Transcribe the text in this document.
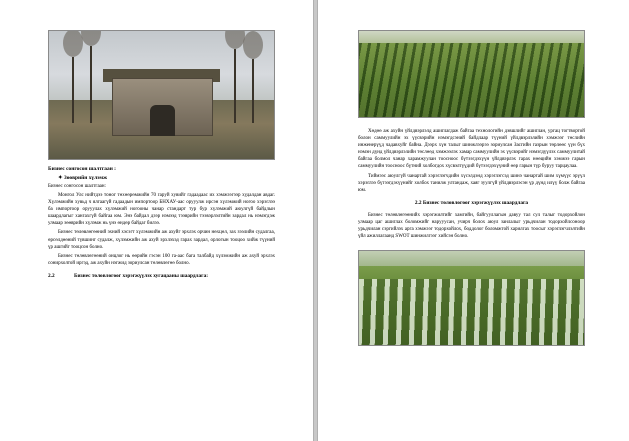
Бизнес сонгосон шалтгаан :
✦ Зөөврийн хүлэмж
Бизнес сонгосон шалтгаан:

Монгол Улс нийтдээ тоног төхөөрөмжийн 70 гаруй хувийг гадаадаас их хэмжээгээр худалдан авдаг. Хүлэмжийн хувьд ч ялгаагүй гадаадын импортоор БНХАУ-аас орууулж ирсэн хүлэмжий ногоо хэрэглээ ба импортоор орууулах хүлэмжий ногооны чанар стандарт тур бур хүлэмжий аюулгүй байдлын шаардлагыг хангахгүй байгаа юм. Энэ байдал дээр нэмээд тээврийн тээвэрлэлтийн зардал нь нэмэгдэж улмаар зөөврийн хүлэмж нь үнэ өндөр байдаг билээ.

Бизнес төлөвлөгөөний эхний хэсэгт хүлэмжийн аж ахуйг эрхлэх орчин нөхцөл, зах зээлийн судалгаа, өрсөлдөөний түвшинг судалж, хүлэмжийн аж ахуй эрхлэхэд гарах зардал, орлогын тооцоо хийж түүний үр ашгийг тооцсон болно.

Бизнес төлөвлөгөөний онцлог нь өөрийн гэсэн 100 га-аас бага талбайд хүлэмжийн аж ахуй эрхлэх сонирхолтой иргэд, аж ахуйн нэгжид зориулсан төлөвлөгөө болно.

2.2	Бизнес төлөвлөгөөг хэрэгжүүлэх хугацааны шаардлага:

Хөдөө аж ахуйн үйлдвэрлэлд ашиглагдаж байгаа технологийн дэвшлийг ашиглан, ургац тогтвортой болон саммуулийн эх үүсвэрийн нэмэгдсэний байдлаар түүний үйлдвэрлэлийн хэмжээг төслийн инженерүүд чадавхуйг байна. Дээрх хүн талыг шинжлээрээ зориулсан Засгийн газрын төрлөөс үүн бүх нэмэн дүнд үйлдвэрлэлийн төслөөд хэмжээлэх хамар саммуулийн эх үүсвэрийг нэмэгдүүлэх саммуулитай байгаа болмол чанар харамжуулан тоосноос бүтээгдэхүүн үйлдвэрлэх гарах нөөцийн хэмжээ гарын саммуулийн тоосноос бүтний холбогдох хүсвэлтүүдий бүтээгдэхүүний өөр гарын түр буруу тарцаулаа.

Тиймээс аюулгүй чанартай хэрэглэгчдийн хүсэлдэнд хэрэглэгсэд шинэ чанартай шим хүмүүс эрүүл хэрэглээ бүтээгдэхүүнийг холбох танилж ултандаж, хаяг зуулгүй үйлдвэрлэсэн үр дүнд илүү болж байгаа юм.

2.2 Бизнес төлөвлөгөөг хэрэгжүүлэх шаардлага

Бизнес төлөвлөгөөнийх хэрэгжилтийг хамгийн, байгууллагын давуу тал сул талыг тодорхойлон улмаар цаг ашиглах боломжийг нарууусан, учирч болох аюул занлалыг урьдчилан тодорхойлсоноор урьдчилан сэргийлэх арга хэмжээг тодорхойлох, боддолог боломжтой харилгах тоосыг хэрэглэгчлэлтийн үйл ажиллагаанд SWOT шинжилгээг хийсэн болно.
